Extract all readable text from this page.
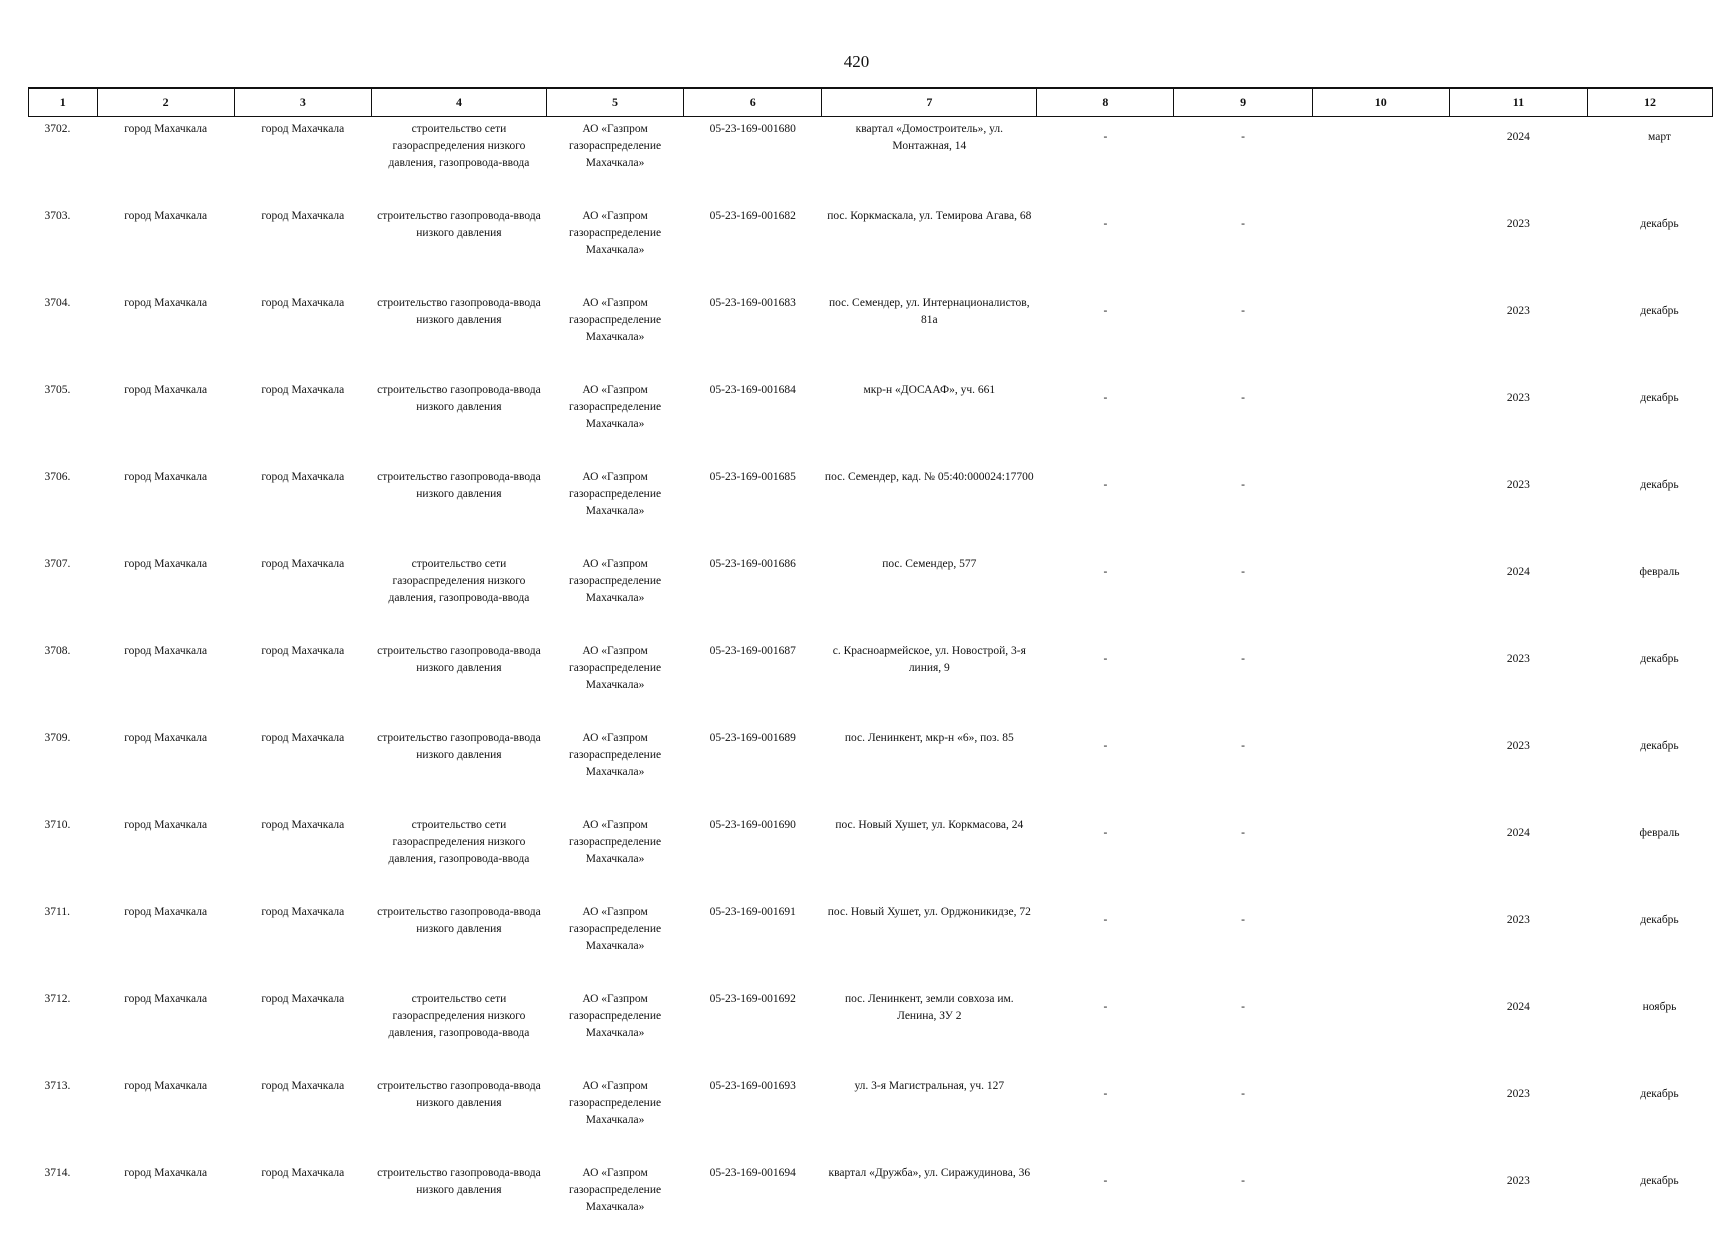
420
1	2	3	4	5	6	7	8	9	10	11	12
3702.	город Махачкала	город Махачкала	строительство сети газораспределения низкого давления, газопровода-ввода	АО «Газпром газораспределение Махачкала»	05-23-169-001680	квартал «Домостроитель», ул. Монтажная, 14	-	-		2024	март
3703.	город Махачкала	город Махачкала	строительство газопровода-ввода низкого давления	АО «Газпром газораспределение Махачкала»	05-23-169-001682	пос. Коркмаскала, ул. Темирова Агава, 68	-	-		2023	декабрь
3704.	город Махачкала	город Махачкала	строительство газопровода-ввода низкого давления	АО «Газпром газораспределение Махачкала»	05-23-169-001683	пос. Семендер, ул. Интернационалистов, 81а	-	-		2023	декабрь
3705.	город Махачкала	город Махачкала	строительство газопровода-ввода низкого давления	АО «Газпром газораспределение Махачкала»	05-23-169-001684	мкр-н «ДОСААФ», уч. 661	-	-		2023	декабрь
3706.	город Махачкала	город Махачкала	строительство газопровода-ввода низкого давления	АО «Газпром газораспределение Махачкала»	05-23-169-001685	пос. Семендер, кад. № 05:40:000024:17700	-	-		2023	декабрь
3707.	город Махачкала	город Махачкала	строительство сети газораспределения низкого давления, газопровода-ввода	АО «Газпром газораспределение Махачкала»	05-23-169-001686	пос. Семендер, 577	-	-		2024	февраль
3708.	город Махачкала	город Махачкала	строительство газопровода-ввода низкого давления	АО «Газпром газораспределение Махачкала»	05-23-169-001687	с. Красноармейское, ул. Новострой, 3-я линия, 9	-	-		2023	декабрь
3709.	город Махачкала	город Махачкала	строительство газопровода-ввода низкого давления	АО «Газпром газораспределение Махачкала»	05-23-169-001689	пос. Ленинкент, мкр-н «6», поз. 85	-	-		2023	декабрь
3710.	город Махачкала	город Махачкала	строительство сети газораспределения низкого давления, газопровода-ввода	АО «Газпром газораспределение Махачкала»	05-23-169-001690	пос. Новый Хушет, ул. Коркмасова, 24	-	-		2024	февраль
3711.	город Махачкала	город Махачкала	строительство газопровода-ввода низкого давления	АО «Газпром газораспределение Махачкала»	05-23-169-001691	пос. Новый Хушет, ул. Орджоникидзе, 72	-	-		2023	декабрь
3712.	город Махачкала	город Махачкала	строительство сети газораспределения низкого давления, газопровода-ввода	АО «Газпром газораспределение Махачкала»	05-23-169-001692	пос. Ленинкент, земли совхоза им. Ленина, ЗУ 2	-	-		2024	ноябрь
3713.	город Махачкала	город Махачкала	строительство газопровода-ввода низкого давления	АО «Газпром газораспределение Махачкала»	05-23-169-001693	ул. 3-я Магистральная, уч. 127	-	-		2023	декабрь
3714.	город Махачкала	город Махачкала	строительство газопровода-ввода низкого давления	АО «Газпром газораспределение Махачкала»	05-23-169-001694	квартал «Дружба», ул. Сиражудинова, 36	-	-		2023	декабрь
